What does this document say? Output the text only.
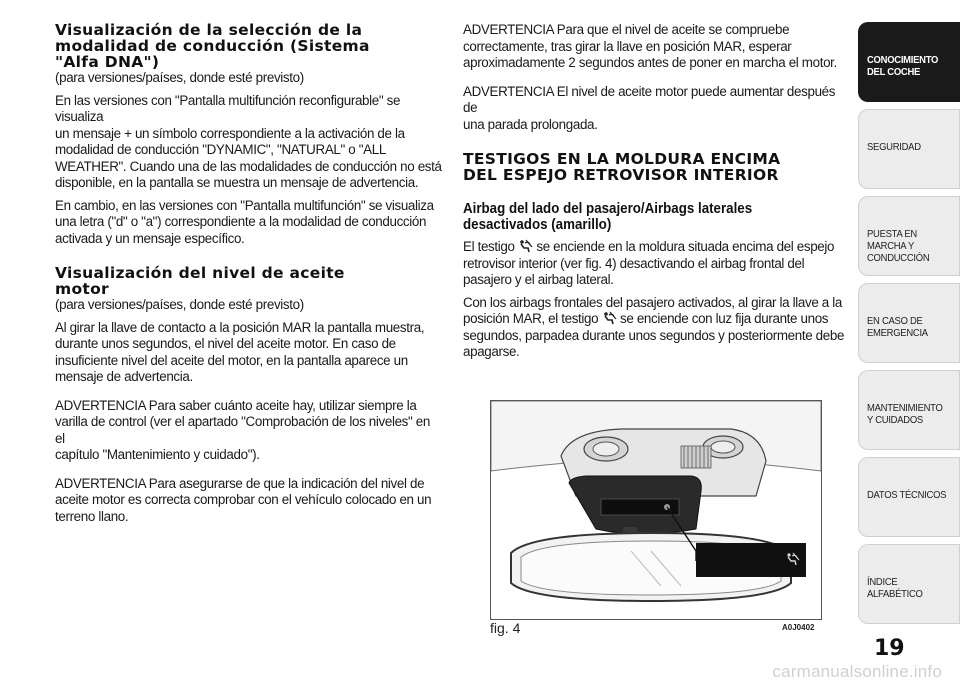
Visualización de la selección de la
modalidad de conducción (Sistema
"Alfa DNA")
(para versiones/países, donde esté previsto)
En las versiones con "Pantalla multifunción reconfigurable" se visualiza
un mensaje + un símbolo correspondiente a la activación de la
modalidad de conducción "DYNAMIC", "NATURAL" o "ALL
WEATHER". Cuando una de las modalidades de conducción no está
disponible, en la pantalla se muestra un mensaje de advertencia.
En cambio, en las versiones con "Pantalla multifunción" se visualiza
una letra ("d" o "a") correspondiente a la modalidad de conducción
activada y un mensaje específico.
Visualización del nivel de aceite
motor
(para versiones/países, donde esté previsto)
Al girar la llave de contacto a la posición MAR la pantalla muestra,
durante unos segundos, el nivel del aceite motor. En caso de
insuficiente nivel del aceite del motor, en la pantalla aparece un
mensaje de advertencia.
ADVERTENCIA Para saber cuánto aceite hay, utilizar siempre la
varilla de control (ver el apartado "Comprobación de los niveles" en el
capítulo "Mantenimiento y cuidado").
ADVERTENCIA Para asegurarse de que la indicación del nivel de
aceite motor es correcta comprobar con el vehículo colocado en un
terreno llano.
ADVERTENCIA Para que el nivel de aceite se compruebe
correctamente, tras girar la llave en posición MAR, esperar
aproximadamente 2 segundos antes de poner en marcha el motor.
ADVERTENCIA El nivel de aceite motor puede aumentar después de
una parada prolongada.
TESTIGOS EN LA MOLDURA ENCIMA
DEL ESPEJO RETROVISOR INTERIOR
Airbag del lado del pasajero/Airbags laterales
desactivados (amarillo)
El testigo se enciende en la moldura situada encima del espejo
retrovisor interior (ver fig. 4) desactivando el airbag frontal del
pasajero y el airbag lateral.
Con los airbags frontales del pasajero activados, al girar la llave a la
posición MAR, el testigo se enciende con luz fija durante unos
segundos, parpadea durante unos segundos y posteriormente debe
apagarse.
fig. 4	A0J0402
CONOCIMIENTO DEL COCHE
SEGURIDAD
PUESTA EN MARCHA Y CONDUCCIÓN
EN CASO DE EMERGENCIA
MANTENIMIENTO Y CUIDADOS
DATOS TÉCNICOS
ÍNDICE ALFABÉTICO
19
carmanualsonline.info
